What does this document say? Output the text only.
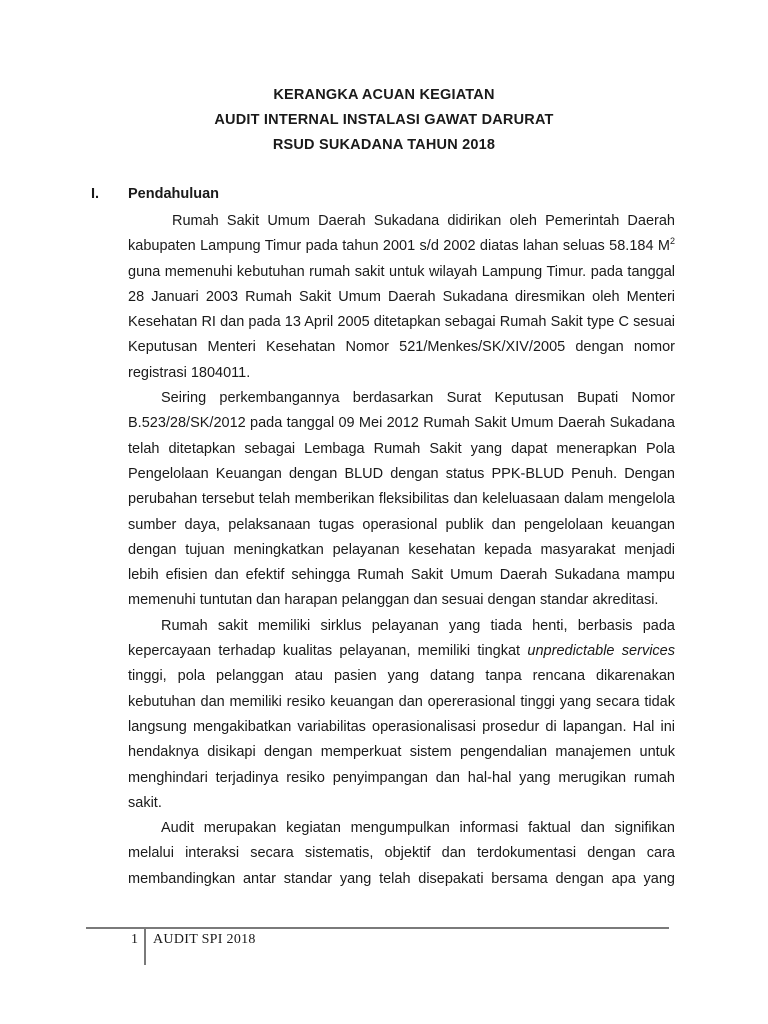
KERANGKA ACUAN KEGIATAN
AUDIT INTERNAL INSTALASI GAWAT DARURAT
RSUD SUKADANA TAHUN 2018
I. Pendahuluan

Rumah Sakit Umum Daerah Sukadana didirikan oleh Pemerintah Daerah kabupaten Lampung Timur pada tahun 2001 s/d 2002 diatas lahan seluas 58.184 $M^2$ guna memenuhi kebutuhan rumah sakit untuk wilayah Lampung Timur. pada tanggal 28 Januari 2003 Rumah Sakit Umum Daerah Sukadana diresmikan oleh Menteri Kesehatan RI dan pada 13 April 2005 ditetapkan sebagai Rumah Sakit type C sesuai Keputusan Menteri Kesehatan Nomor 521/Menkes/SK/XIV/2005 dengan nomor registrasi 1804011.

Seiring perkembangannya berdasarkan Surat Keputusan Bupati Nomor B.523/28/SK/2012 pada tanggal 09 Mei 2012 Rumah Sakit Umum Daerah Sukadana telah ditetapkan sebagai Lembaga Rumah Sakit yang dapat menerapkan Pola Pengelolaan Keuangan dengan BLUD dengan status PPK-BLUD Penuh. Dengan perubahan tersebut telah memberikan fleksibilitas dan keleluasaan dalam mengelola sumber daya, pelaksanaan tugas operasional publik dan pengelolaan keuangan dengan tujuan meningkatkan pelayanan kesehatan kepada masyarakat menjadi lebih efisien dan efektif sehingga Rumah Sakit Umum Daerah Sukadana mampu memenuhi tuntutan dan harapan pelanggan dan sesuai dengan standar akreditasi.

Rumah sakit memiliki sirklus pelayanan yang tiada henti, berbasis pada kepercayaan terhadap kualitas pelayanan, memiliki tingkat unpredictable services tinggi, pola pelanggan atau pasien yang datang tanpa rencana dikarenakan kebutuhan dan memiliki resiko keuangan dan opererasional tinggi yang secara tidak langsung mengakibatkan variabilitas operasionalisasi prosedur di lapangan. Hal ini hendaknya disikapi dengan memperkuat sistem pengendalian manajemen untuk menghindari terjadinya resiko penyimpangan dan hal-hal yang merugikan rumah sakit.

Audit merupakan kegiatan mengumpulkan informasi faktual dan signifikan melalui interaksi secara sistematis, objektif dan terdokumentasi dengan cara membandingkan antar standar yang telah disepakati bersama dengan apa yang

1 AUDIT SPI 2018
